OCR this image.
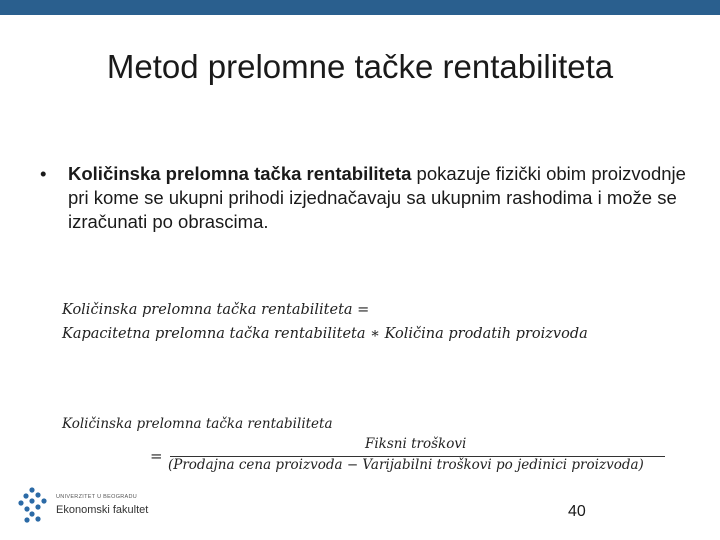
Metod prelomne tačke rentabiliteta
• Količinska prelomna tačka rentabiliteta pokazuje fizički obim proizvodnje pri kome se ukupni prihodi izjednačavaju sa ukupnim rashodima i može se izračunati po obrascima.
Količinska prelomna tačka rentabiliteta =
Kapacitetna prelomna tačka rentabiliteta ∗ Količina prodatih proizvoda
Količinska prelomna tačka rentabiliteta
=
Fiksni troškovi
(Prodajna cena proizvoda − Varijabilni troškovi po jedinici proizvoda)
UNIVERZITET U BEOGRADU
Ekonomski fakultet	40
